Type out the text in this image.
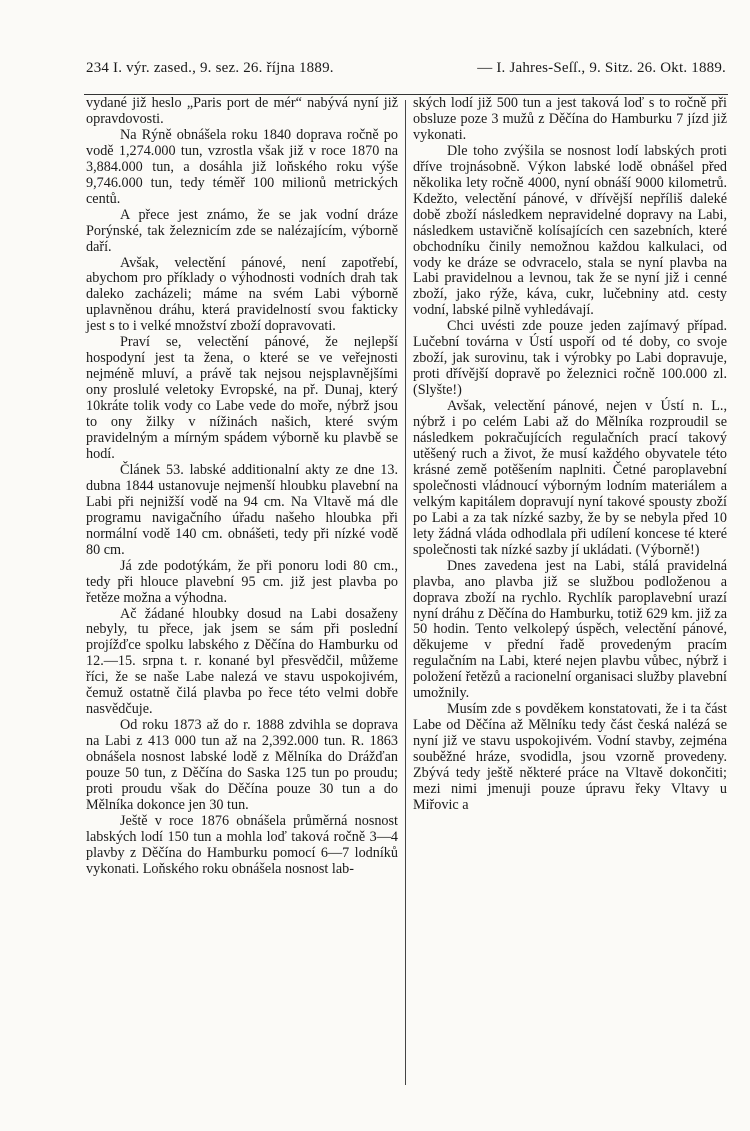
234 I. výr. zased., 9. sez. 26. října 1889.	— I. Jahres-Seſſ., 9. Sitz. 26. Okt. 1889.

vydané již heslo „Paris port de mér“ nabývá nyní již opravdovosti.

Na Rýně obnášela roku 1840 doprava ročně po vodě 1,274.000 tun, vzrostla však již v roce 1870 na 3,884.000 tun, a dosáhla již loňského roku výše 9,746.000 tun, tedy téměř 100 milionů metrických centů.

A přece jest známo, že se jak vodní dráze Porýnské, tak železnicím zde se nalézajícím, výborně daří.

Avšak, velectění pánové, není zapotřebí, abychom pro příklady o výhodnosti vodních drah tak daleko zacházeli; máme na svém Labi výborně uplavněnou dráhu, která pravidelností svou fakticky jest s to i velké množství zboží dopravovati.

Praví se, velectění pánové, že nejlepší hospodyní jest ta žena, o které se ve veřejnosti nejméně mluví, a právě tak nejsou nejsplavnějšími ony proslulé veletoky Evropské, na př. Dunaj, který 10kráte tolik vody co Labe vede do moře, nýbrž jsou to ony žilky v nížinách našich, které svým pravidelným a mírným spádem výborně ku plavbě se hodí.

Článek 53. labské additionalní akty ze dne 13. dubna 1844 ustanovuje nejmenší hloubku plavební na Labi při nejnižší vodě na 94 cm. Na Vltavě má dle programu navigačního úřadu našeho hloubka při normální vodě 140 cm. obnášeti, tedy při nízké vodě 80 cm.

Já zde podotýkám, že při ponoru lodi 80 cm., tedy při hlouce plavební 95 cm. již jest plavba po řetěze možna a výhodna.

Ač žádané hloubky dosud na Labi dosaženy nebyly, tu přece, jak jsem se sám při poslední projížďce spolku labského z Děčína do Hamburku od 12.—15. srpna t. r. konané byl přesvědčil, můžeme říci, že se naše Labe nalezá ve stavu uspokojivém, čemuž ostatně čilá plavba po řece této velmi dobře nasvědčuje.

Od roku 1873 až do r. 1888 zdvihla se doprava na Labi z 413 000 tun až na 2,392.000 tun. R. 1863 obnášela nosnost labské lodě z Mělníka do Drážďan pouze 50 tun, z Děčína do Saska 125 tun po proudu; proti proudu však do Děčína pouze 30 tun a do Mělníka dokonce jen 30 tun.

Ještě v roce 1876 obnášela průměrná nosnost labských lodí 150 tun a mohla loď taková ročně 3—4 plavby z Děčína do Hamburku pomocí 6—7 lodníků vykonati. Loňského roku obnášela nosnost lab-

ských lodí již 500 tun a jest taková loď s to ročně při obsluze poze 3 mužů z Děčína do Hamburku 7 jízd již vykonati.

Dle toho zvýšila se nosnost lodí labských proti dříve trojnásobně. Výkon labské lodě obnášel před několika lety ročně 4000, nyní obnáší 9000 kilometrů. Kdežto, velectění pánové, v dřívější nepříliš daleké době zboží následkem nepravidelné dopravy na Labi, následkem ustavičně kolísajících cen sazebních, které obchodníku činily nemožnou každou kalkulaci, od vody ke dráze se odvracelo, stala se nyní plavba na Labi pravidelnou a levnou, tak že se nyní již i cenné zboží, jako rýže, káva, cukr, lučebniny atd. cesty vodní, labské pilně vyhledávají.

Chci uvésti zde pouze jeden zajímavý případ. Lučební továrna v Ústí uspoří od té doby, co svoje zboží, jak surovinu, tak i výrobky po Labi dopravuje, proti dřívější dopravě po železnici ročně 100.000 zl. (Slyšte!)

Avšak, velectění pánové, nejen v Ústí n. L., nýbrž i po celém Labi až do Mělníka rozproudil se následkem pokračujících regulačních prací takový utěšený ruch a život, že musí každého obyvatele této krásné země potěšením naplniti. Četné paroplavební společnosti vládnoucí výborným lodním materiálem a velkým kapitálem dopravují nyní takové spousty zboží po Labi a za tak nízké sazby, že by se nebyla před 10 lety žádná vláda odhodlala při udílení koncese té které společnosti tak nízké sazby jí ukládati. (Výborně!)

Dnes zavedena jest na Labi, stálá pravidelná plavba, ano plavba již se službou podloženou a doprava zboží na rychlo. Rychlík paroplavební urazí nyní dráhu z Děčína do Hamburku, totiž 629 km. již za 50 hodin. Tento velkolepý úspěch, velectění pánové, děkujeme v přední řadě provedeným pracím regulačním na Labi, které nejen plavbu vůbec, nýbrž i položení řetězů a racionelní organisaci služby plavební umožnily.

Musím zde s povděkem konstatovati, že i ta část Labe od Děčína až Mělníku tedy část česká nalézá se nyní již ve stavu uspokojivém. Vodní stavby, zejména souběžné hráze, svodidla, jsou vzorně provedeny. Zbývá tedy ještě některé práce na Vltavě dokončiti; mezi nimi jmenuji pouze úpravu řeky Vltavy u Miřovic a
